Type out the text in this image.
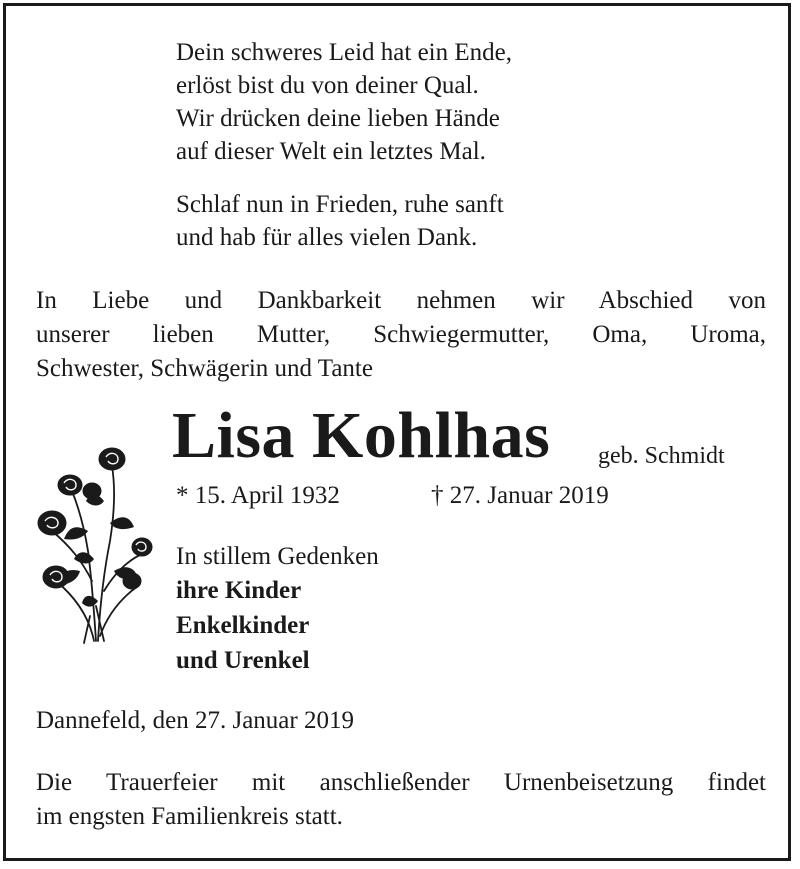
Dein schweres Leid hat ein Ende,
erlöst bist du von deiner Qual.
Wir drücken deine lieben Hände
auf dieser Welt ein letztes Mal.
Schlaf nun in Frieden, ruhe sanft
und hab für alles vielen Dank.
In Liebe und Dankbarkeit nehmen wir Abschied von
unserer lieben Mutter, Schwiegermutter, Oma, Uroma,
Schwester, Schwägerin und Tante
Lisa Kohlhas geb. Schmidt
* 15. April 1932	† 27. Januar 2019
In stillem Gedenken
ihre Kinder
Enkelkinder
und Urenkel
Dannefeld, den 27. Januar 2019
Die Trauerfeier mit anschließender Urnenbeisetzung findet
im engsten Familienkreis statt.
